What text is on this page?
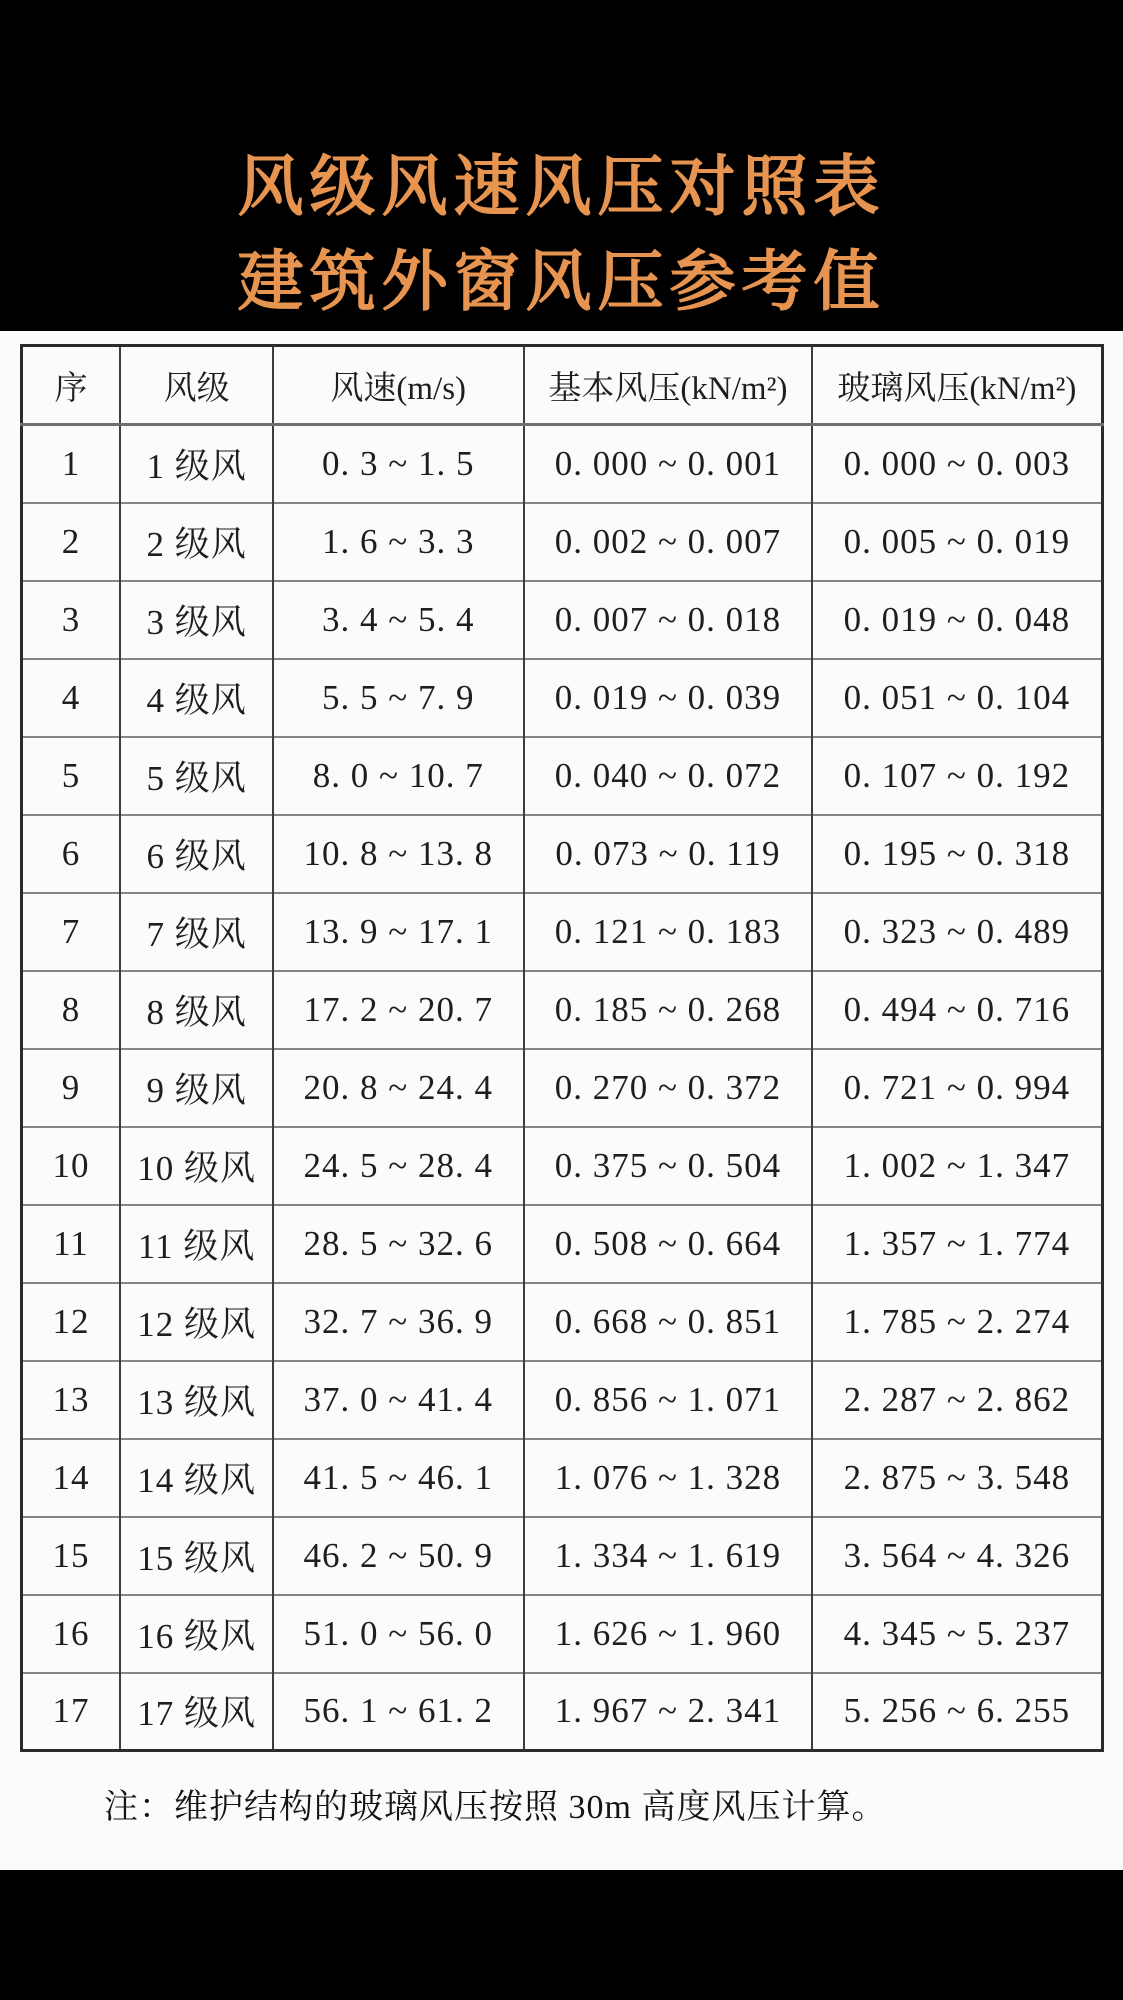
风级风速风压对照表
建筑外窗风压参考值
序	风级	风速(m/s)	基本风压(kN/m²)	玻璃风压(kN/m²)
1	1 级风	0. 3 ~ 1. 5	0. 000 ~ 0. 001	0. 000 ~ 0. 003
2	2 级风	1. 6 ~ 3. 3	0. 002 ~ 0. 007	0. 005 ~ 0. 019
3	3 级风	3. 4 ~ 5. 4	0. 007 ~ 0. 018	0. 019 ~ 0. 048
4	4 级风	5. 5 ~ 7. 9	0. 019 ~ 0. 039	0. 051 ~ 0. 104
5	5 级风	8. 0 ~ 10. 7	0. 040 ~ 0. 072	0. 107 ~ 0. 192
6	6 级风	10. 8 ~ 13. 8	0. 073 ~ 0. 119	0. 195 ~ 0. 318
7	7 级风	13. 9 ~ 17. 1	0. 121 ~ 0. 183	0. 323 ~ 0. 489
8	8 级风	17. 2 ~ 20. 7	0. 185 ~ 0. 268	0. 494 ~ 0. 716
9	9 级风	20. 8 ~ 24. 4	0. 270 ~ 0. 372	0. 721 ~ 0. 994
10	10 级风	24. 5 ~ 28. 4	0. 375 ~ 0. 504	1. 002 ~ 1. 347
11	11 级风	28. 5 ~ 32. 6	0. 508 ~ 0. 664	1. 357 ~ 1. 774
12	12 级风	32. 7 ~ 36. 9	0. 668 ~ 0. 851	1. 785 ~ 2. 274
13	13 级风	37. 0 ~ 41. 4	0. 856 ~ 1. 071	2. 287 ~ 2. 862
14	14 级风	41. 5 ~ 46. 1	1. 076 ~ 1. 328	2. 875 ~ 3. 548
15	15 级风	46. 2 ~ 50. 9	1. 334 ~ 1. 619	3. 564 ~ 4. 326
16	16 级风	51. 0 ~ 56. 0	1. 626 ~ 1. 960	4. 345 ~ 5. 237
17	17 级风	56. 1 ~ 61. 2	1. 967 ~ 2. 341	5. 256 ~ 6. 255
注：维护结构的玻璃风压按照 30m 高度风压计算。
